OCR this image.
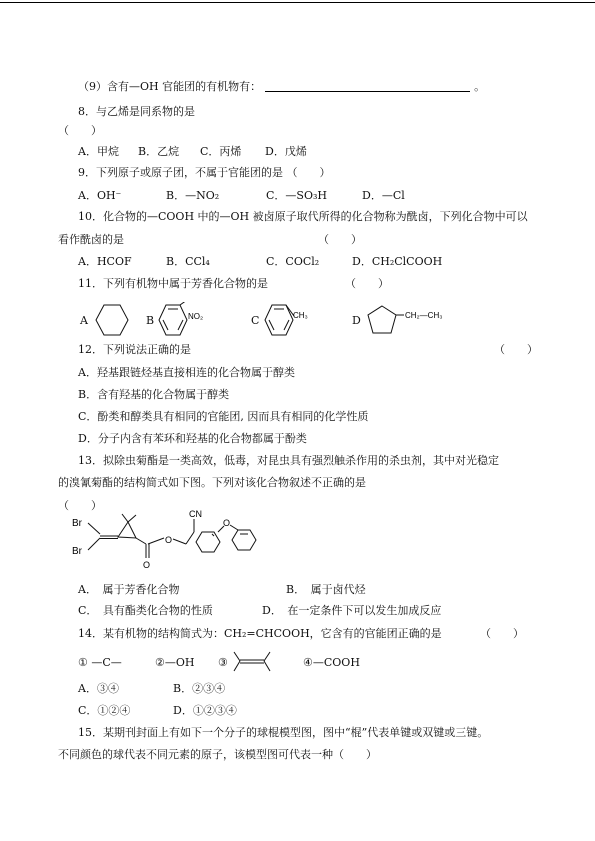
（9）含有—OH 官能团的有机物有：	。
8．与乙烯是同系物的是
（　　）
A．甲烷 B．乙烷 C．丙烯 D．戊烯
9．下列原子或原子团，不属于官能团的是 （　　）
A．OH⁻	B．—NO₂	C．—SO₃H	D．—Cl
10．化合物的—COOH 中的—OH 被卤原子取代所得的化合物称为酰卤，下列化合物中可以
看作酰卤的是	（　　）
A．HCOF	B．CCl₄	C．COCl₂	D．CH₂ClCOOH
11．下列有机物中属于芳香化合物的是	（　　）
A	B	NO₂	C	CH₃	D	CH₂—CH₃
12．下列说法正确的是	（　　）
A．羟基跟链烃基直接相连的化合物属于醇类
B．含有羟基的化合物属于醇类
C．酚类和醇类具有相同的官能团, 因而具有相同的化学性质
D．分子内含有苯环和羟基的化合物都属于酚类
13．拟除虫菊酯是一类高效，低毒，对昆虫具有强烈触杀作用的杀虫剂，其中对光稳定
的溴氰菊酯的结构简式如下图。下列对该化合物叙述不正确的是
（　　）
Br
Br
O
O
CN
O
A．　属于芳香化合物	B．　属于卤代烃
C．　具有酯类化合物的性质	D．　在一定条件下可以发生加成反应
14．某有机物的结构简式为：CH₂=CHCOOH，它含有的官能团正确的是	（　　）
① —C—	②—OH ③	④—COOH
A．③④	B．②③④
C．①②④	D．①②③④
15．某期刊封面上有如下一个分子的球棍模型图，图中“棍”代表单键或双键或三键。
不同颜色的球代表不同元素的原子，该模型图可代表一种（　　）
